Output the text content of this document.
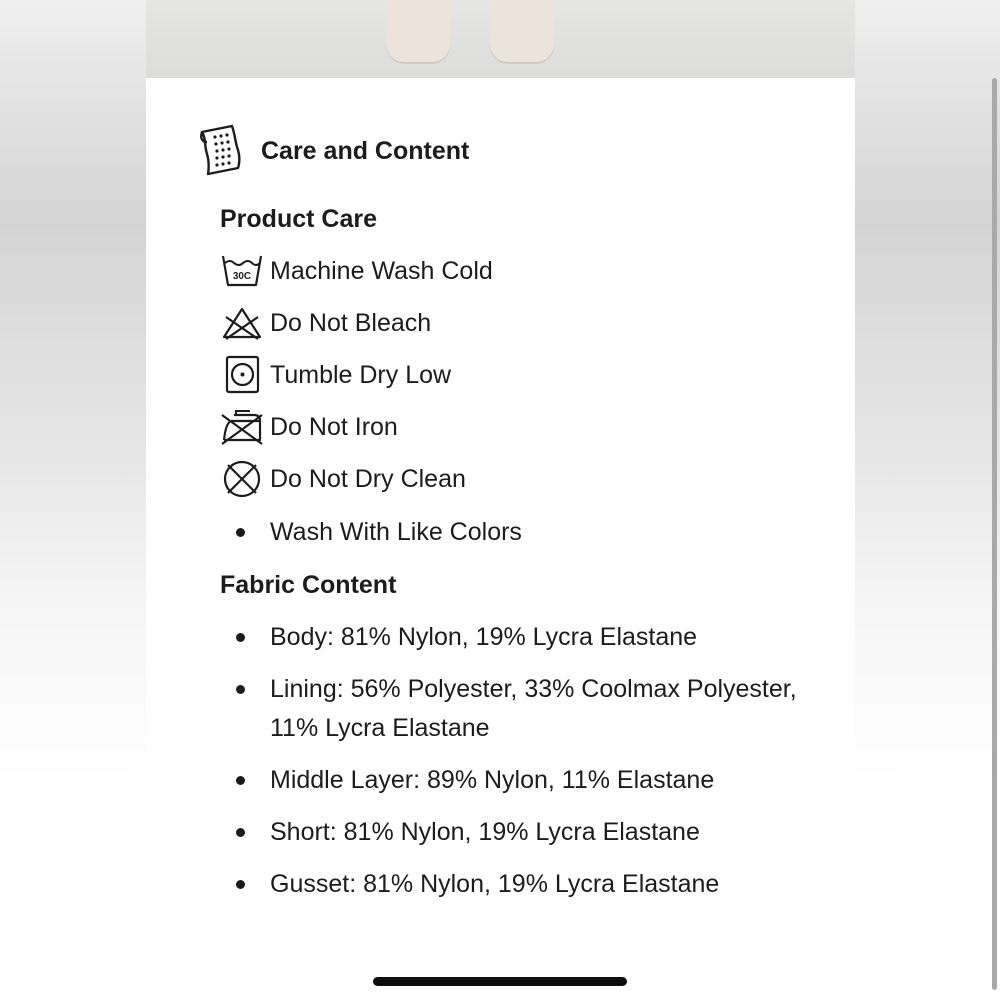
Care and Content
Product Care
30C Machine Wash Cold
Do Not Bleach
Tumble Dry Low
Do Not Iron
Do Not Dry Clean
Wash With Like Colors
Fabric Content
Body: 81% Nylon, 19% Lycra Elastane
Lining: 56% Polyester, 33% Coolmax Polyester, 11% Lycra Elastane
Middle Layer: 89% Nylon, 11% Elastane
Short: 81% Nylon, 19% Lycra Elastane
Gusset: 81% Nylon, 19% Lycra Elastane
